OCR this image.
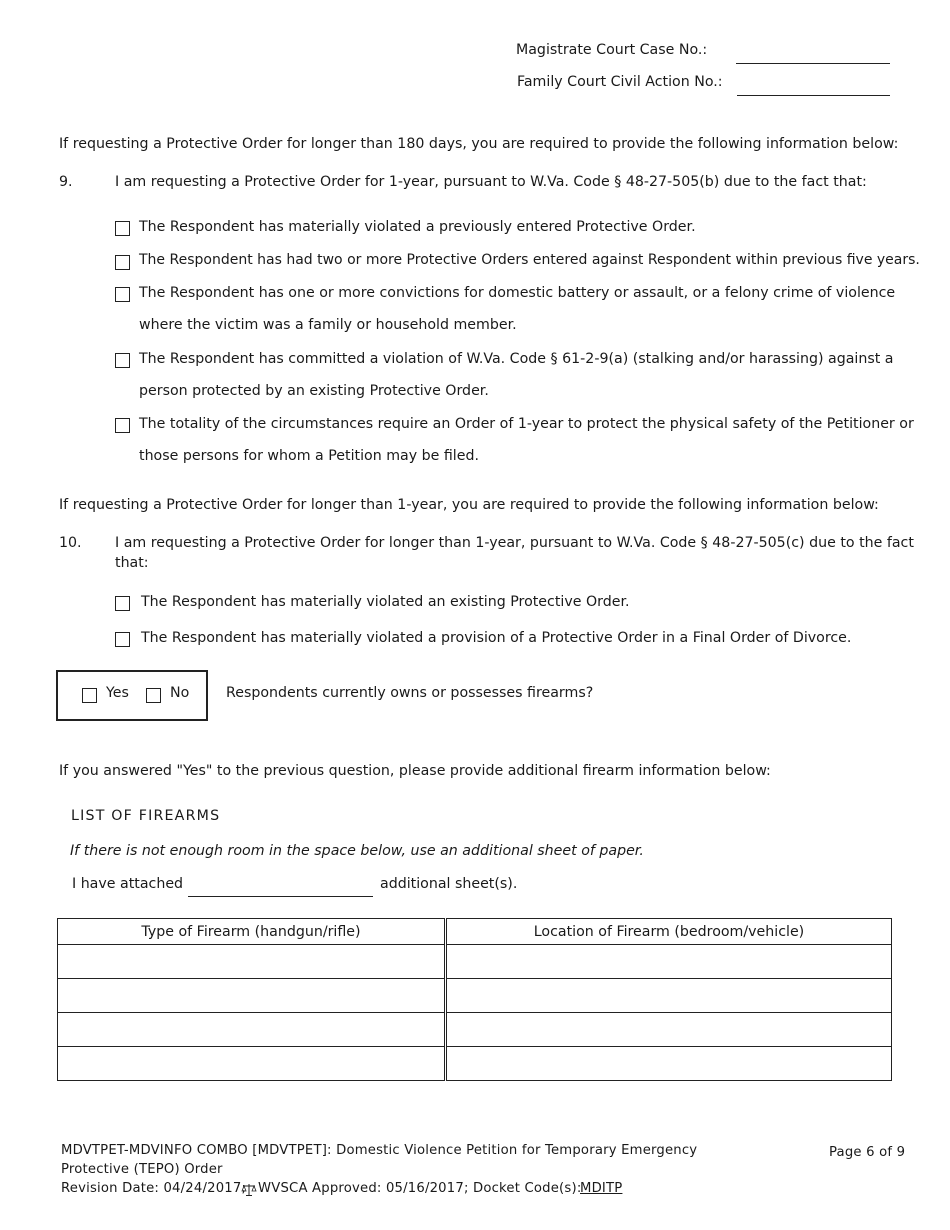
Magistrate Court Case No.:
Family Court Civil Action No.:
If requesting a Protective Order for longer than 180 days, you are required to provide the following information below:
9.	I am requesting a Protective Order for 1-year, pursuant to W.Va. Code § 48-27-505(b) due to the fact that:
The Respondent has materially violated a previously entered Protective Order.
The Respondent has had two or more Protective Orders entered against Respondent within previous five years.
The Respondent has one or more convictions for domestic battery or assault, or a felony crime of violence
where the victim was a family or household member.
The Respondent has committed a violation of W.Va. Code § 61-2-9(a) (stalking and/or harassing) against a
person protected by an existing Protective Order.
The totality of the circumstances require an Order of 1-year to protect the physical safety of the Petitioner or
those persons for whom a Petition may be filed.
If requesting a Protective Order for longer than 1-year, you are required to provide the following information below:
10. I am requesting a Protective Order for longer than 1-year, pursuant to W.Va. Code § 48-27-505(c) due to the fact
that:
The Respondent has materially violated an existing Protective Order.
The Respondent has materially violated a provision of a Protective Order in a Final Order of Divorce.
Yes	No	Respondents currently owns or possesses firearms?
If you answered "Yes" to the previous question, please provide additional firearm information below:
LIST OF FIREARMS
If there is not enough room in the space below, use an additional sheet of paper.
I have attached	additional sheet(s).
Type of Firearm (handgun/rifle)	Location of Firearm (bedroom/vehicle)

MDVTPET-MDVINFO COMBO [MDVTPET]: Domestic Violence Petition for Temporary Emergency
Protective (TEPO) Order
Revision Date: 04/24/2017; WVSCA Approved: 05/16/2017; Docket Code(s):
MDITP
Page 6 of 9
